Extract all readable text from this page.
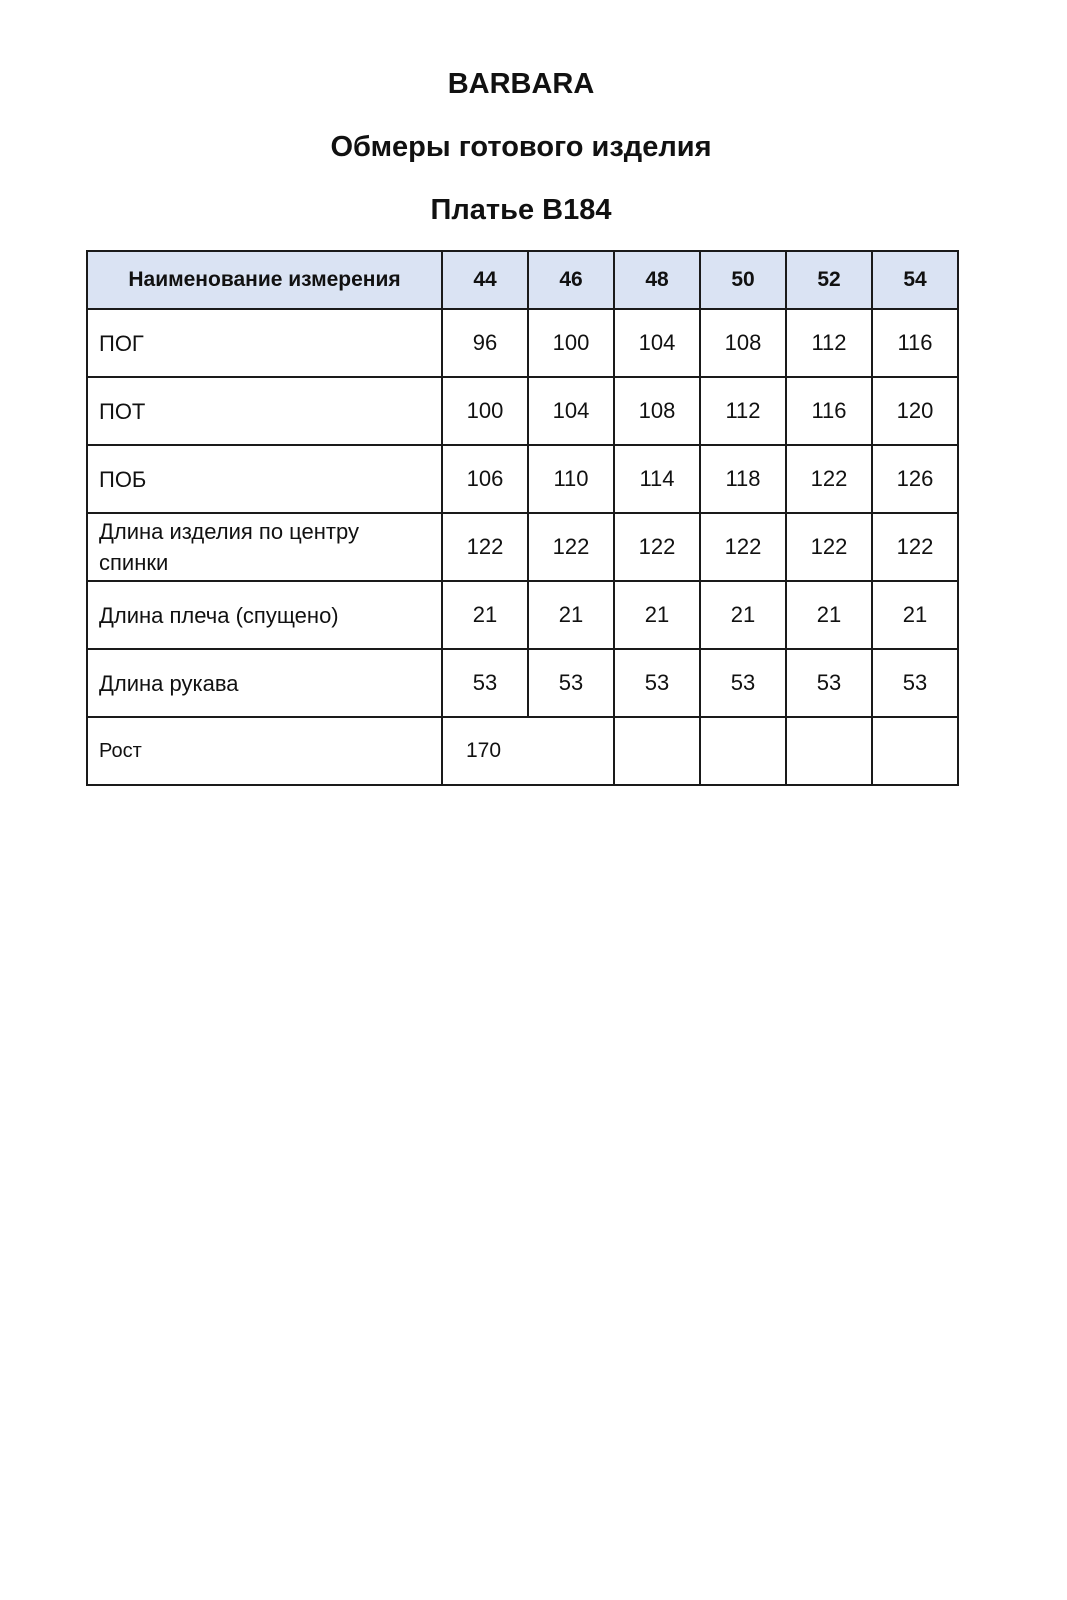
BARBARA
Обмеры готового изделия
Платье B184
Наименование измерения	44	46	48	50	52	54
ПОГ	96	100	104	108	112	116
ПОТ	100	104	108	112	116	120
ПОБ	106	110	114	118	122	126
Длина изделия по центру спинки	122	122	122	122	122	122
Длина плеча (спущено)	21	21	21	21	21	21
Длина рукава	53	53	53	53	53	53
Рост	170					
